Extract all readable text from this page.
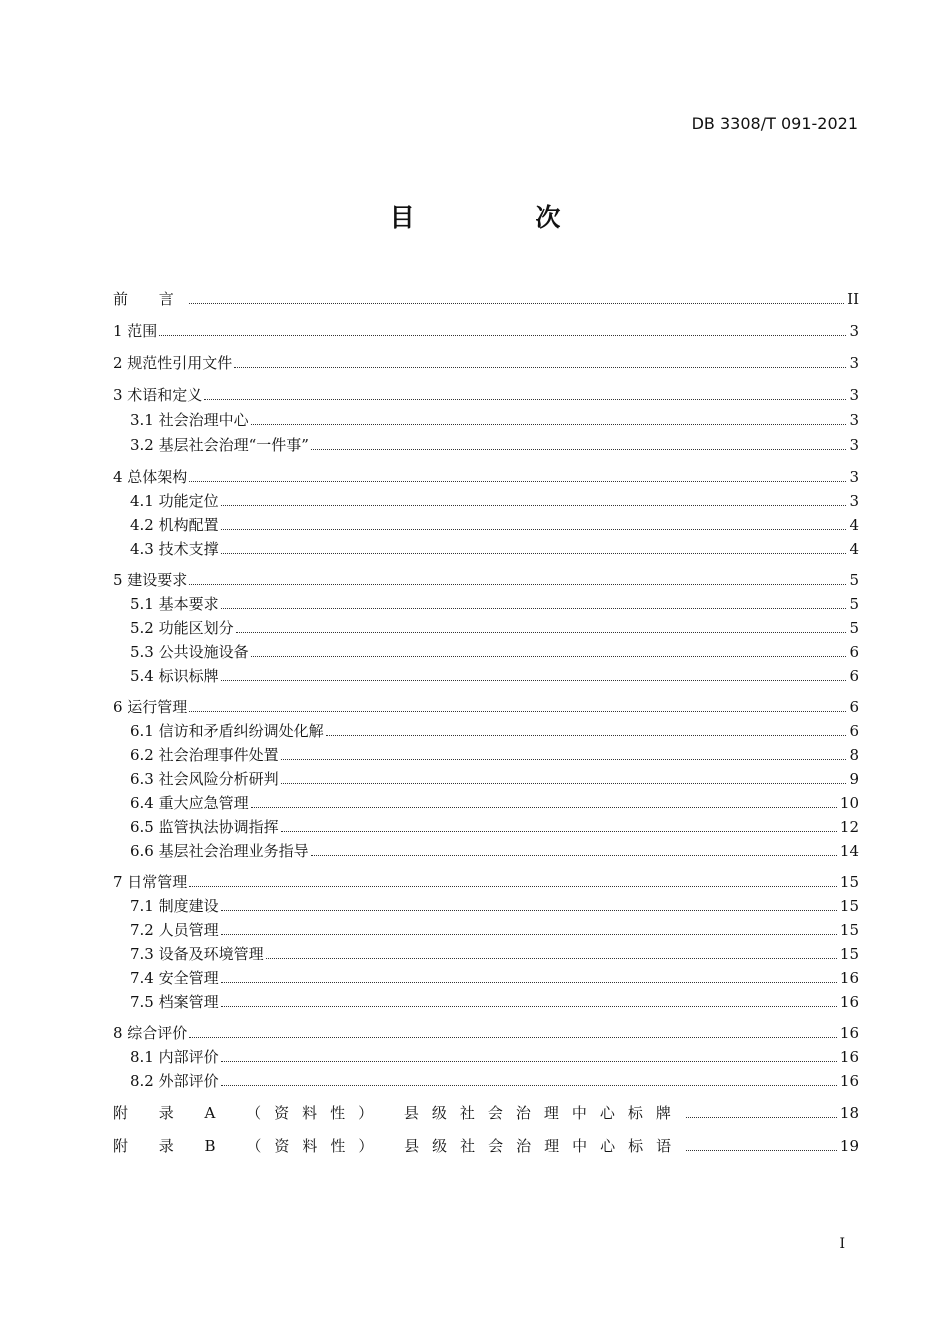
DB 3308/T 091-2021
目 次
前 言	II
1 范围	3
2 规范性引用文件	3
3 术语和定义	3
3.1 社会治理中心	3
3.2 基层社会治理“一件事”	3
4 总体架构	3
4.1 功能定位	3
4.2 机构配置	4
4.3 技术支撑	4
5 建设要求	5
5.1 基本要求	5
5.2 功能区划分	5
5.3 公共设施设备	6
5.4 标识标牌	6
6 运行管理	6
6.1 信访和矛盾纠纷调处化解	6
6.2 社会治理事件处置	8
6.3 社会风险分析研判	9
6.4 重大应急管理	10
6.5 监管执法协调指挥	12
6.6 基层社会治理业务指导	14
7 日常管理	15
7.1 制度建设	15
7.2 人员管理	15
7.3 设备及环境管理	15
7.4 安全管理	16
7.5 档案管理	16
8 综合评价	16
8.1 内部评价	16
8.2 外部评价	16
附 录 A （资料性） 县级社会治理中心标牌	18
附 录 B （资料性） 县级社会治理中心标语	19
I
